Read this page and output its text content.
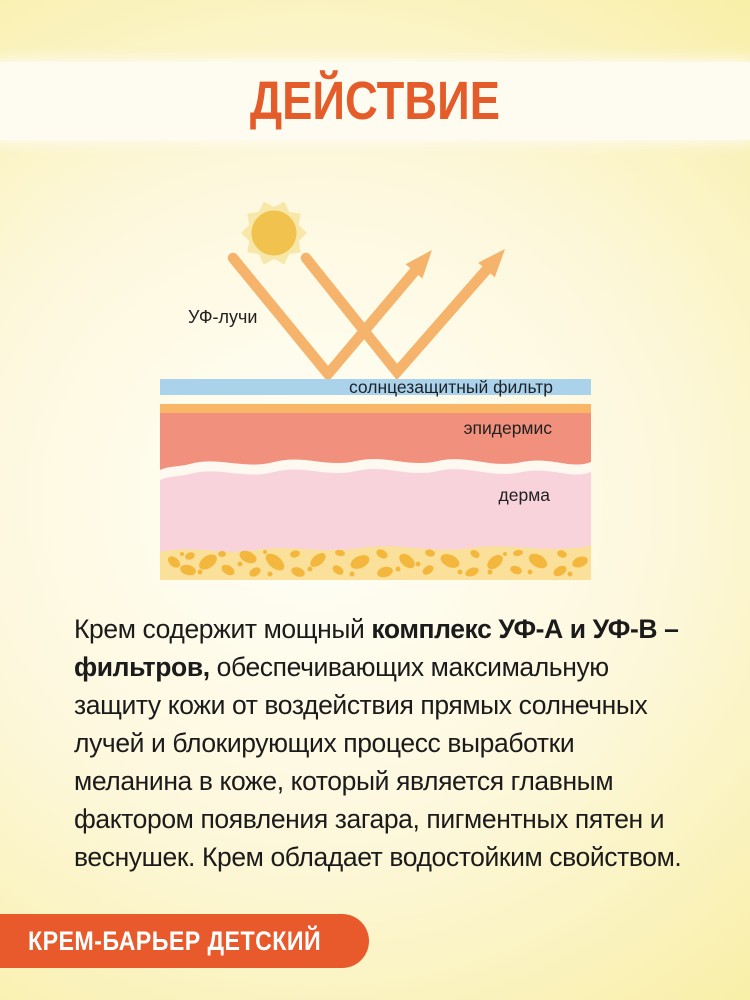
ДЕЙСТВИЕ
УФ-лучи
солнцезащитный фильтр
эпидермис
дерма

Крем содержит мощный комплекс УФ-А и УФ-В – фильтров, обеспечивающих максимальную защиту кожи от воздействия прямых солнечных лучей и блокирующих процесс выработки меланина в коже, который является главным фактором появления загара, пигментных пятен и веснушек. Крем обладает водостойким свойством.

КРЕМ-БАРЬЕР ДЕТСКИЙ
